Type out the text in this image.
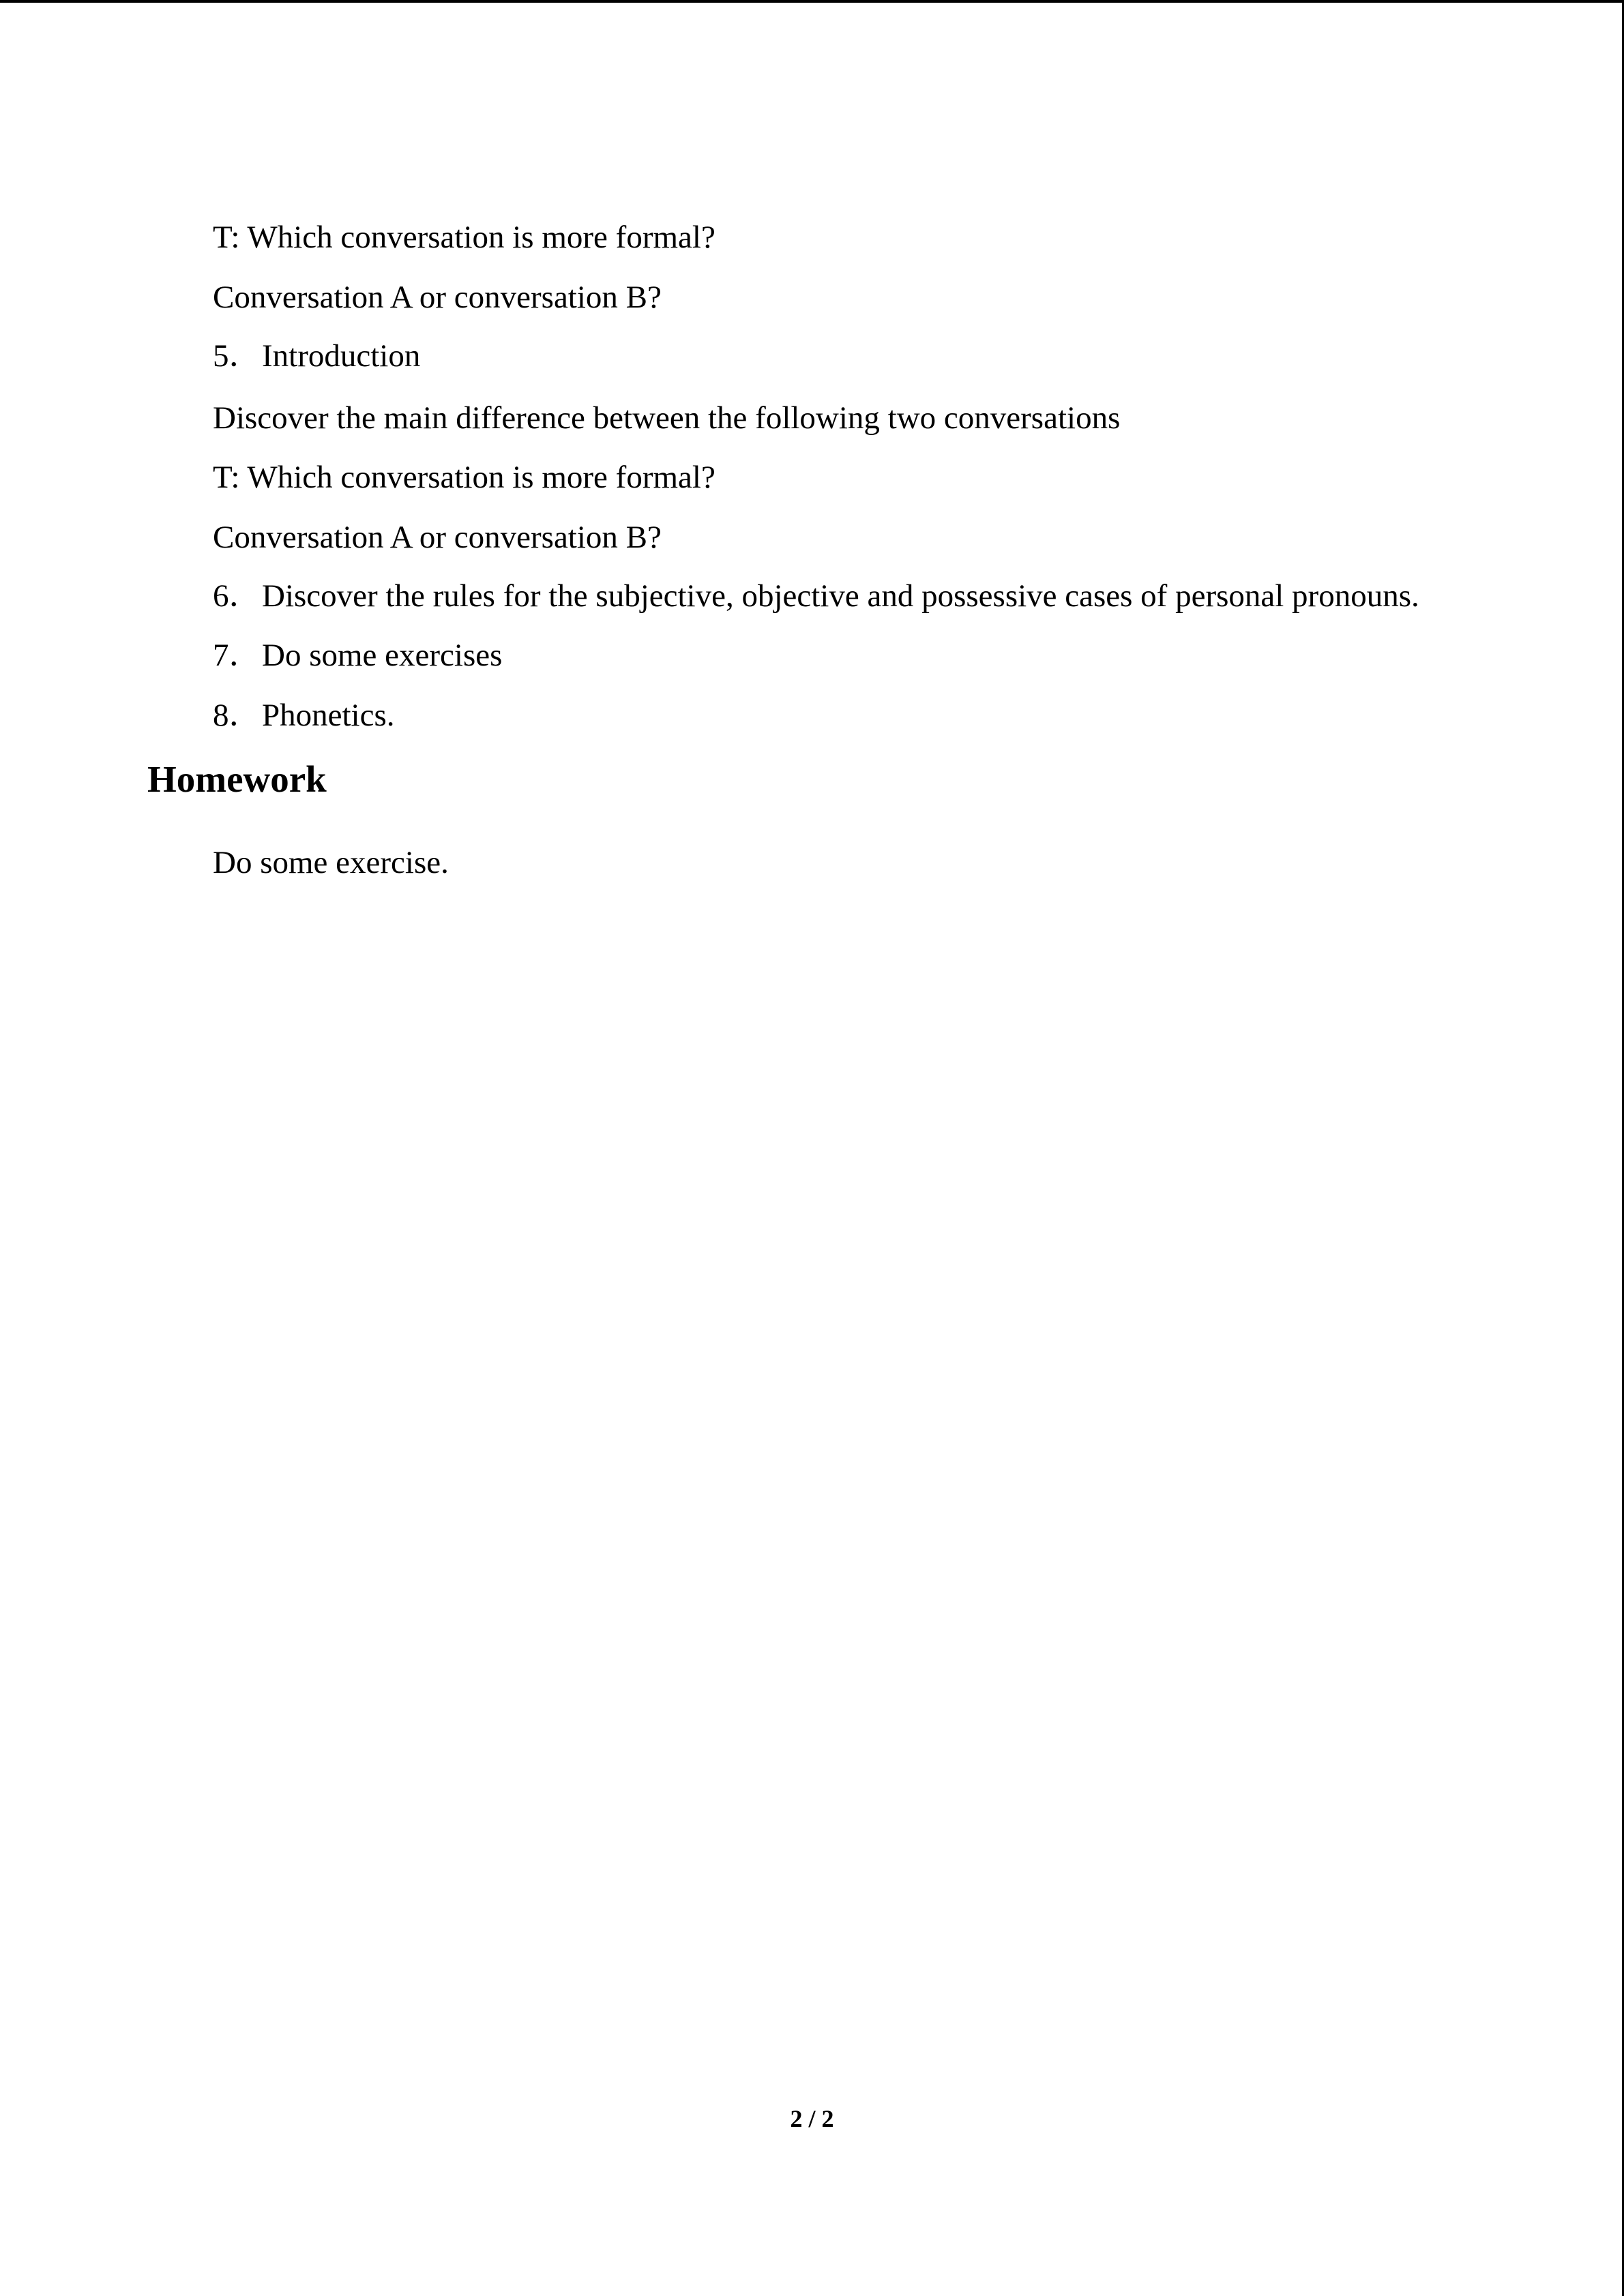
T: Which conversation is more formal?
Conversation A or conversation B?
5．Introduction
Discover the main difference between the following two conversations
T: Which conversation is more formal?
Conversation A or conversation B?
6．Discover the rules for the subjective, objective and possessive cases of personal pronouns.
7．Do some exercises
8．Phonetics.
Homework
Do some exercise.
2 / 2
